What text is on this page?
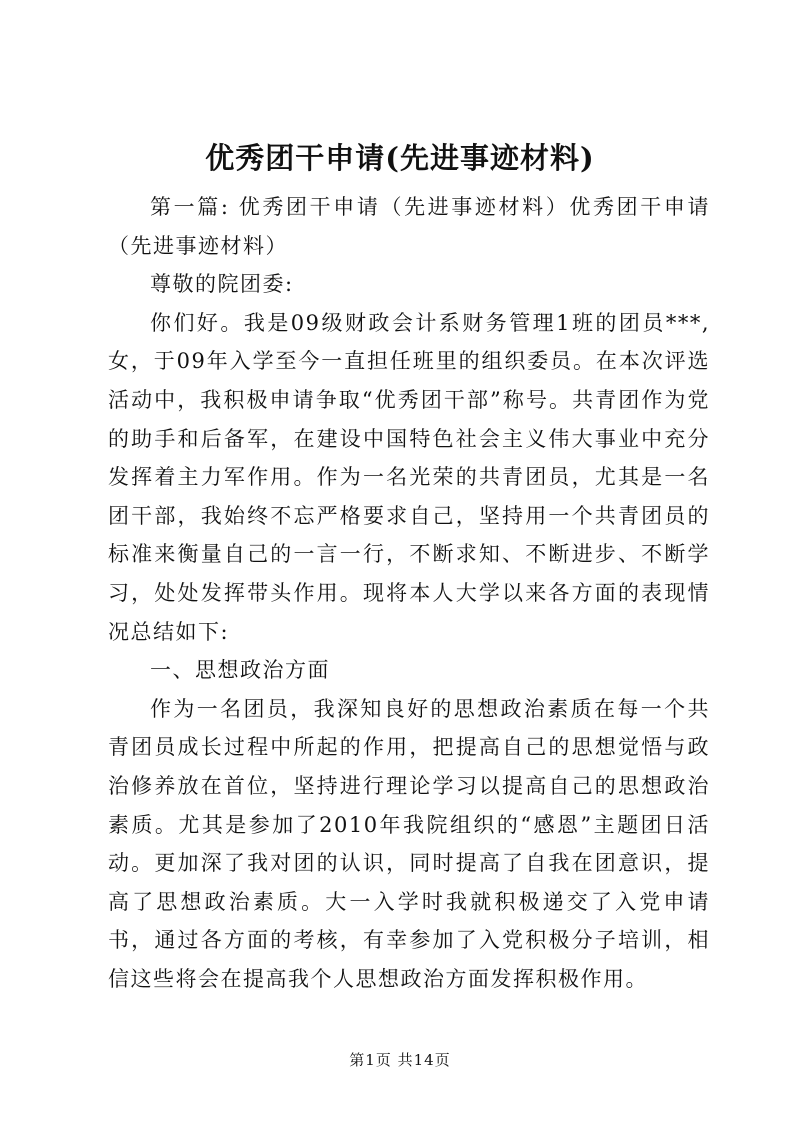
优秀团干申请(先进事迹材料)

第一篇: 优秀团干申请（先进事迹材料）优秀团干申请（先进事迹材料）

尊敬的院团委:

你们好。我是09级财政会计系财务管理1班的团员***,女，于09年入学至今一直担任班里的组织委员。在本次评选活动中，我积极申请争取“优秀团干部”称号。共青团作为党的助手和后备军，在建设中国特色社会主义伟大事业中充分发挥着主力军作用。作为一名光荣的共青团员，尤其是一名团干部，我始终不忘严格要求自己，坚持用一个共青团员的标准来衡量自己的一言一行，不断求知、不断进步、不断学习，处处发挥带头作用。现将本人大学以来各方面的表现情况总结如下:

一、思想政治方面

作为一名团员，我深知良好的思想政治素质在每一个共青团员成长过程中所起的作用，把提高自己的思想觉悟与政治修养放在首位，坚持进行理论学习以提高自己的思想政治素质。尤其是参加了2010年我院组织的“感恩”主题团日活动。更加深了我对团的认识，同时提高了自我在团意识，提高了思想政治素质。大一入学时我就积极递交了入党申请书，通过各方面的考核，有幸参加了入党积极分子培训，相信这些将会在提高我个人思想政治方面发挥积极作用。

第1页 共14页
